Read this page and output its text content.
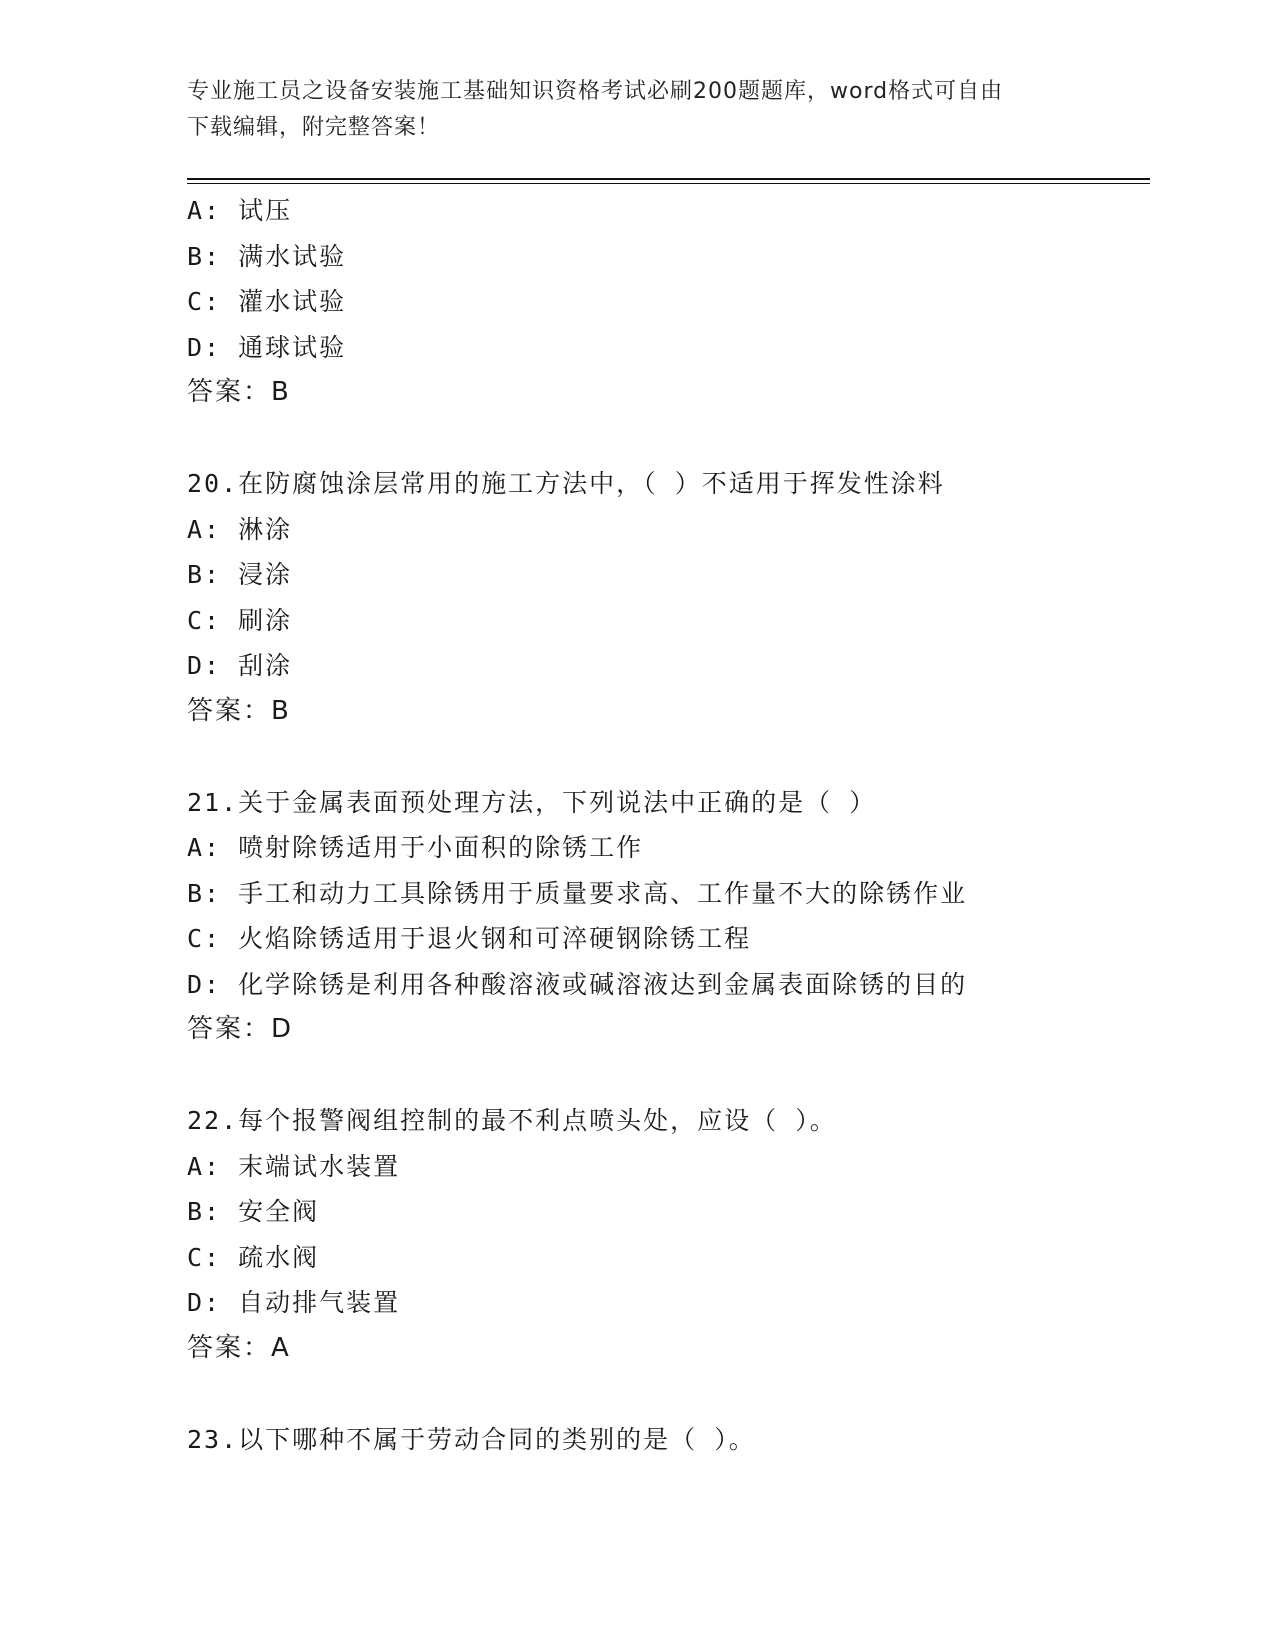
专业施工员之设备安装施工基础知识资格考试必刷200题题库，word格式可自由
下载编辑，附完整答案！
A: 试压
B: 满水试验
C: 灌水试验
D: 通球试验
答案：B
20.在防腐蚀涂层常用的施工方法中，（ ）不适用于挥发性涂料
A: 淋涂
B: 浸涂
C: 刷涂
D: 刮涂
答案：B
21.关于金属表面预处理方法，下列说法中正确的是（ ）
A: 喷射除锈适用于小面积的除锈工作
B: 手工和动力工具除锈用于质量要求高、工作量不大的除锈作业
C: 火焰除锈适用于退火钢和可淬硬钢除锈工程
D: 化学除锈是利用各种酸溶液或碱溶液达到金属表面除锈的目的
答案：D
22.每个报警阀组控制的最不利点喷头处，应设（ ）。
A: 末端试水装置
B: 安全阀
C: 疏水阀
D: 自动排气装置
答案：A
23.以下哪种不属于劳动合同的类别的是（ ）。
